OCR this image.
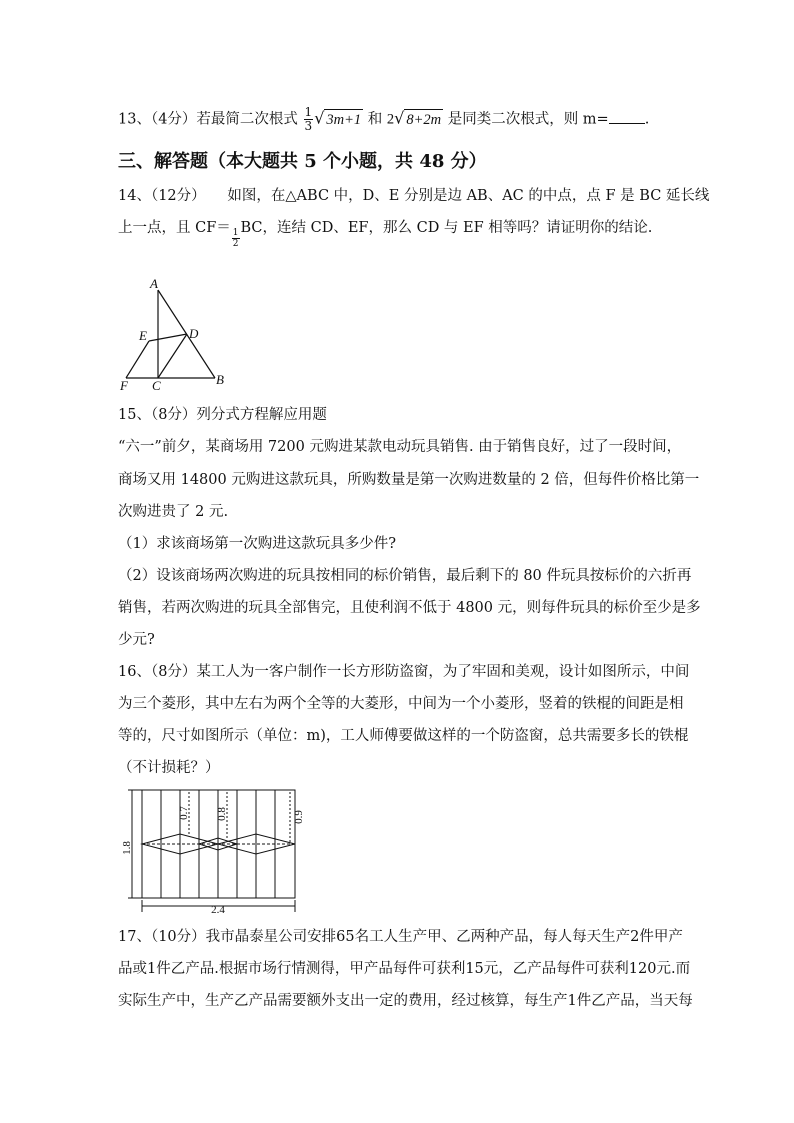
13、（4分）若最简二次根式 $\frac{1}{3}$ √ 3m+1 和 2√ 8+2m 是同类二次根式，则 m= .
三、解答题（本大题共 5 个小题，共 48 分）
14、（12分）　　如图，在△ABC 中，D、E 分别是边 AB、AC 的中点，点 F 是 BC 延长线
上一点，且 $CF= \frac{1}{2}$ BC，连结 CD、EF，那么 CD 与 EF 相等吗？请证明你的结论.
A
B
C
D
E
F
15、（8分）列分式方程解应用题
“六一”前夕，某商场用 7200 元购进某款电动玩具销售. 由于销售良好，过了一段时间，
商场又用 14800 元购进这款玩具，所购数量是第一次购进数量的 2 倍，但每件价格比第一
次购进贵了 2 元.
（1）求该商场第一次购进这款玩具多少件?
（2）设该商场两次购进的玩具按相同的标价销售，最后剩下的 80 件玩具按标价的六折再
销售，若两次购进的玩具全部售完，且使利润不低于 4800 元，则每件玩具的标价至少是多
少元?
16、（8分）某工人为一客户制作一长方形防盗窗，为了牢固和美观，设计如图所示，中间
为三个菱形，其中左右为两个全等的大菱形，中间为一个小菱形，竖着的铁棍的间距是相
等的，尺寸如图所示（单位：m)，工人师傅要做这样的一个防盗窗，总共需要多长的铁棍
（不计损耗？）
1.8
2.4
0.7 0.8	0.9
17、（10分）我市晶泰星公司安排65名工人生产甲、乙两种产品，每人每天生产2件甲产
品或1件乙产品.根据市场行情测得，甲产品每件可获利15元，乙产品每件可获利120元.而
实际生产中，生产乙产品需要额外支出一定的费用，经过核算，每生产1件乙产品，当天每
